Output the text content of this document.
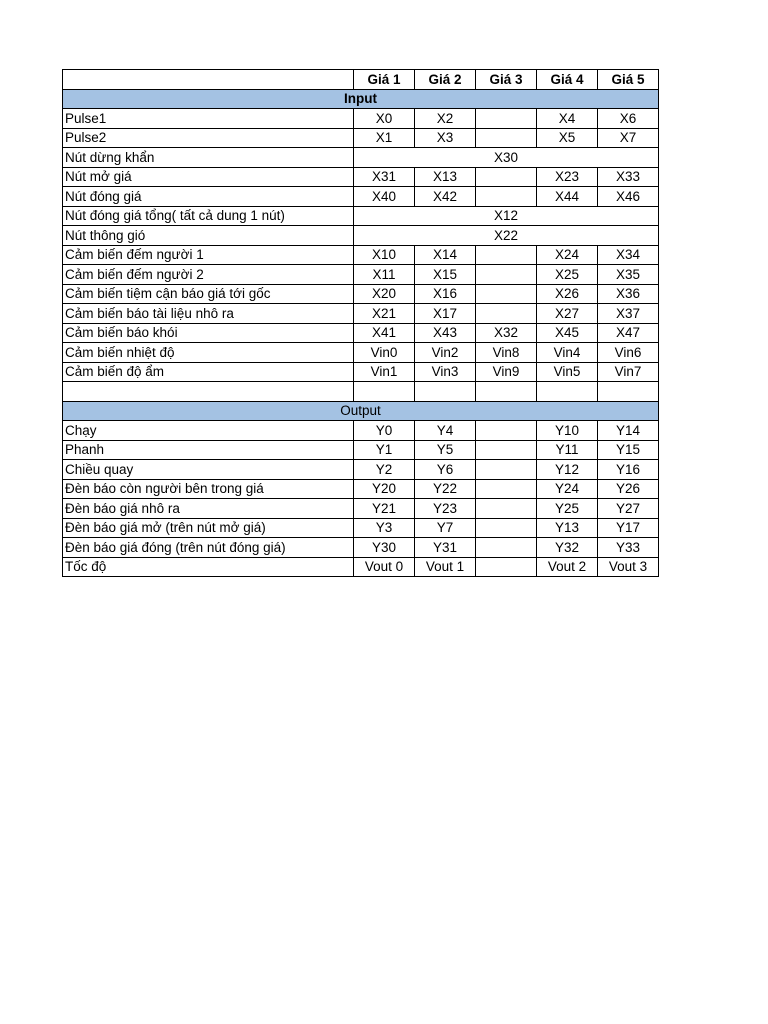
	Giá 1	Giá 2	Giá 3	Giá 4	Giá 5
Input					
Pulse1	X0	X2		X4	X6
Pulse2	X1	X3		X5	X7
Nút dừng khẩn	X30				
Nút mở giá	X31	X13		X23	X33
Nút đóng giá	X40	X42		X44	X46
Nút đóng giá tổng( tất cả dung 1 nút)	X12				
Nút thông gió	X22				
Cảm biến đếm người 1	X10	X14		X24	X34
Cảm biến đếm người 2	X11	X15		X25	X35
Cảm biến tiệm cận báo giá tới gốc	X20	X16		X26	X36
Cảm biến báo tài liệu nhô ra	X21	X17		X27	X37
Cảm biến báo khói	X41	X43	X32	X45	X47
Cảm biến nhiệt độ	Vin0	Vin2	Vin8	Vin4	Vin6
Cảm biến độ ẩm	Vin1	Vin3	Vin9	Vin5	Vin7

Output					
Chạy	Y0	Y4		Y10	Y14
Phanh	Y1	Y5		Y11	Y15
Chiều quay	Y2	Y6		Y12	Y16
Đèn báo còn người bên trong giá	Y20	Y22		Y24	Y26
Đèn báo giá nhô ra	Y21	Y23		Y25	Y27
Đèn báo giá mở (trên nút mở giá)	Y3	Y7		Y13	Y17
Đèn báo giá đóng (trên nút đóng giá)	Y30	Y31		Y32	Y33
Tốc độ	Vout 0	Vout 1		Vout 2	Vout 3
